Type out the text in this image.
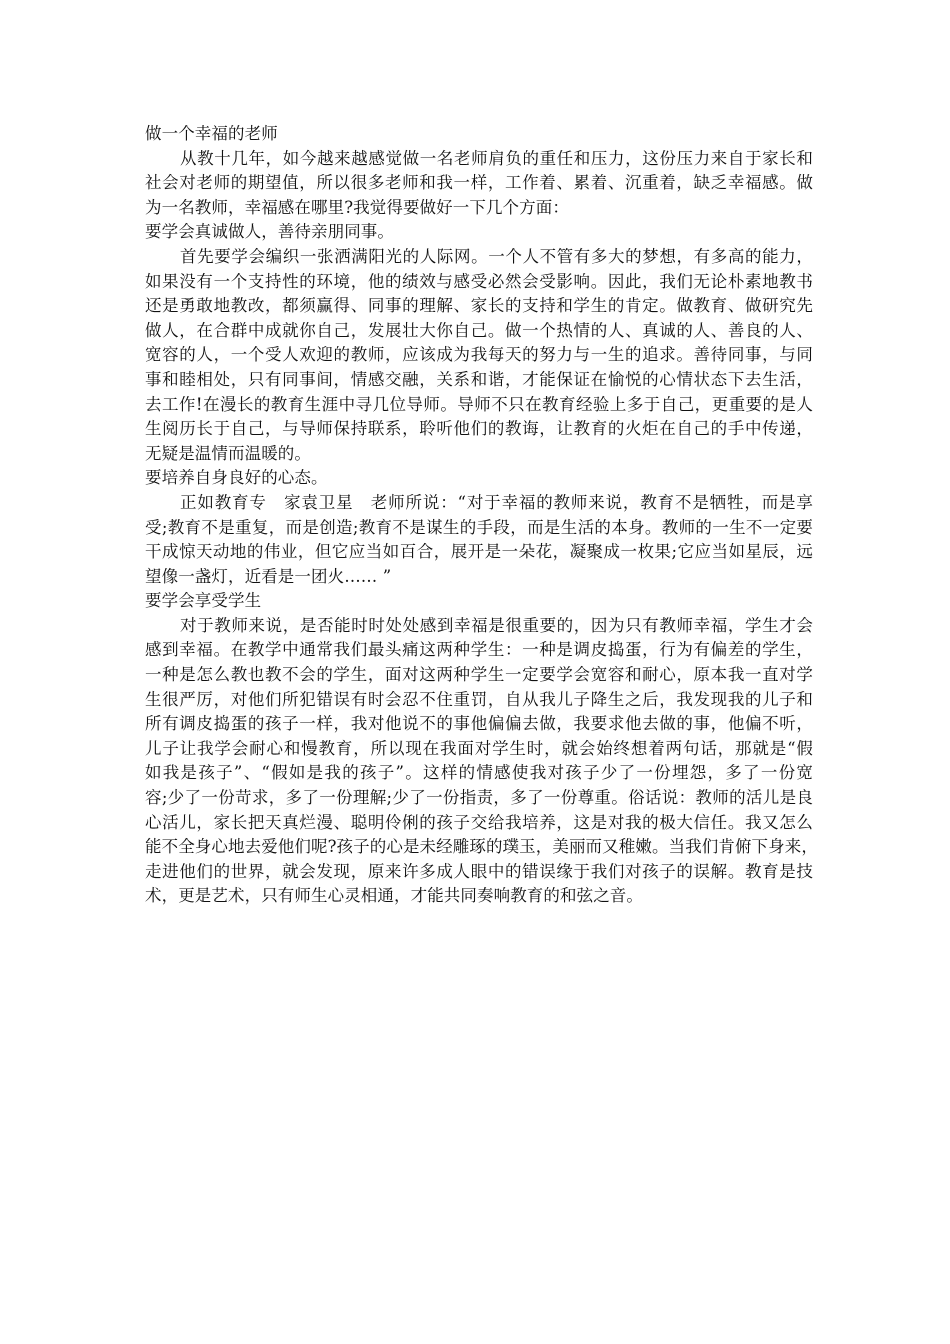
做一个幸福的老师
从教十几年，如今越来越感觉做一名老师肩负的重任和压力，这份压力来自于家长和
社会对老师的期望值，所以很多老师和我一样，工作着、累着、沉重着，缺乏幸福感。做
为一名教师，幸福感在哪里?我觉得要做好一下几个方面：
要学会真诚做人，善待亲朋同事。
首先要学会编织一张洒满阳光的人际网。一个人不管有多大的梦想，有多高的能力，
如果没有一个支持性的环境，他的绩效与感受必然会受影响。因此，我们无论朴素地教书
还是勇敢地教改，都须赢得、同事的理解、家长的支持和学生的肯定。做教育、做研究先
做人，在合群中成就你自己，发展壮大你自己。做一个热情的人、真诚的人、善良的人、
宽容的人，一个受人欢迎的教师，应该成为我每天的努力与一生的追求。善待同事，与同
事和睦相处，只有同事间，情感交融，关系和谐，才能保证在愉悦的心情状态下去生活，
去工作!在漫长的教育生涯中寻几位导师。导师不只在教育经验上多于自己，更重要的是人
生阅历长于自己，与导师保持联系，聆听他们的教诲，让教育的火炬在自己的手中传递，
无疑是温情而温暖的。
要培养自身良好的心态。
正如教育专　家袁卫星　老师所说：“对于幸福的教师来说，教育不是牺牲，而是享
受;教育不是重复，而是创造;教育不是谋生的手段，而是生活的本身。教师的一生不一定要
干成惊天动地的伟业，但它应当如百合，展开是一朵花，凝聚成一枚果;它应当如星辰，远
望像一盏灯，近看是一团火…… ”
要学会享受学生
对于教师来说，是否能时时处处感到幸福是很重要的，因为只有教师幸福，学生才会
感到幸福。在教学中通常我们最头痛这两种学生：一种是调皮捣蛋，行为有偏差的学生，
一种是怎么教也教不会的学生，面对这两种学生一定要学会宽容和耐心，原本我一直对学
生很严厉，对他们所犯错误有时会忍不住重罚，自从我儿子降生之后，我发现我的儿子和
所有调皮捣蛋的孩子一样，我对他说不的事他偏偏去做，我要求他去做的事，他偏不听，
儿子让我学会耐心和慢教育，所以现在我面对学生时，就会始终想着两句话，那就是“假
如我是孩子”、“假如是我的孩子”。这样的情感使我对孩子少了一份埋怨，多了一份宽
容;少了一份苛求，多了一份理解;少了一份指责，多了一份尊重。俗话说：教师的活儿是良
心活儿，家长把天真烂漫、聪明伶俐的孩子交给我培养，这是对我的极大信任。我又怎么
能不全身心地去爱他们呢?孩子的心是未经雕琢的璞玉，美丽而又稚嫩。当我们肯俯下身来，
走进他们的世界，就会发现，原来许多成人眼中的错误缘于我们对孩子的误解。教育是技
术，更是艺术，只有师生心灵相通，才能共同奏响教育的和弦之音。
